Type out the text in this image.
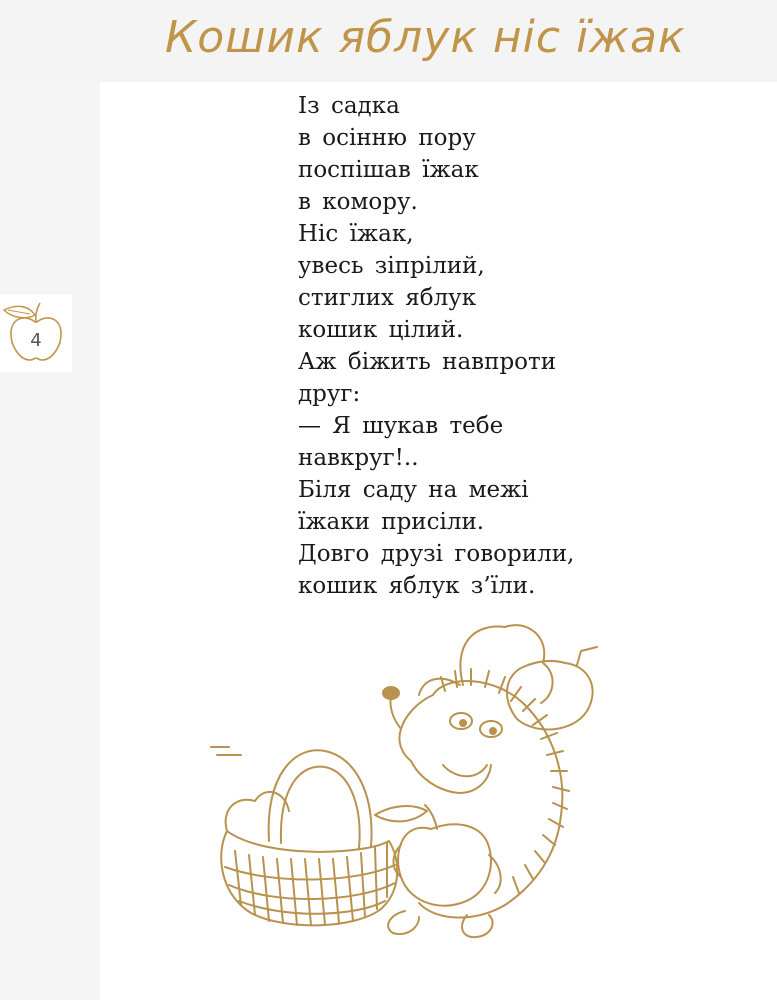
Кошик яблук ніс їжак
4
Із садка
в осінню пору
поспішав їжак
в комору.
Ніс їжак,
увесь зіпрілий,
стиглих яблук
кошик цілий.
Аж біжить навпроти
друг:
— Я шукав тебе
навкруг!..
Біля саду на межі
їжаки присіли.
Довго друзі говорили,
кошик яблук з’їли.
